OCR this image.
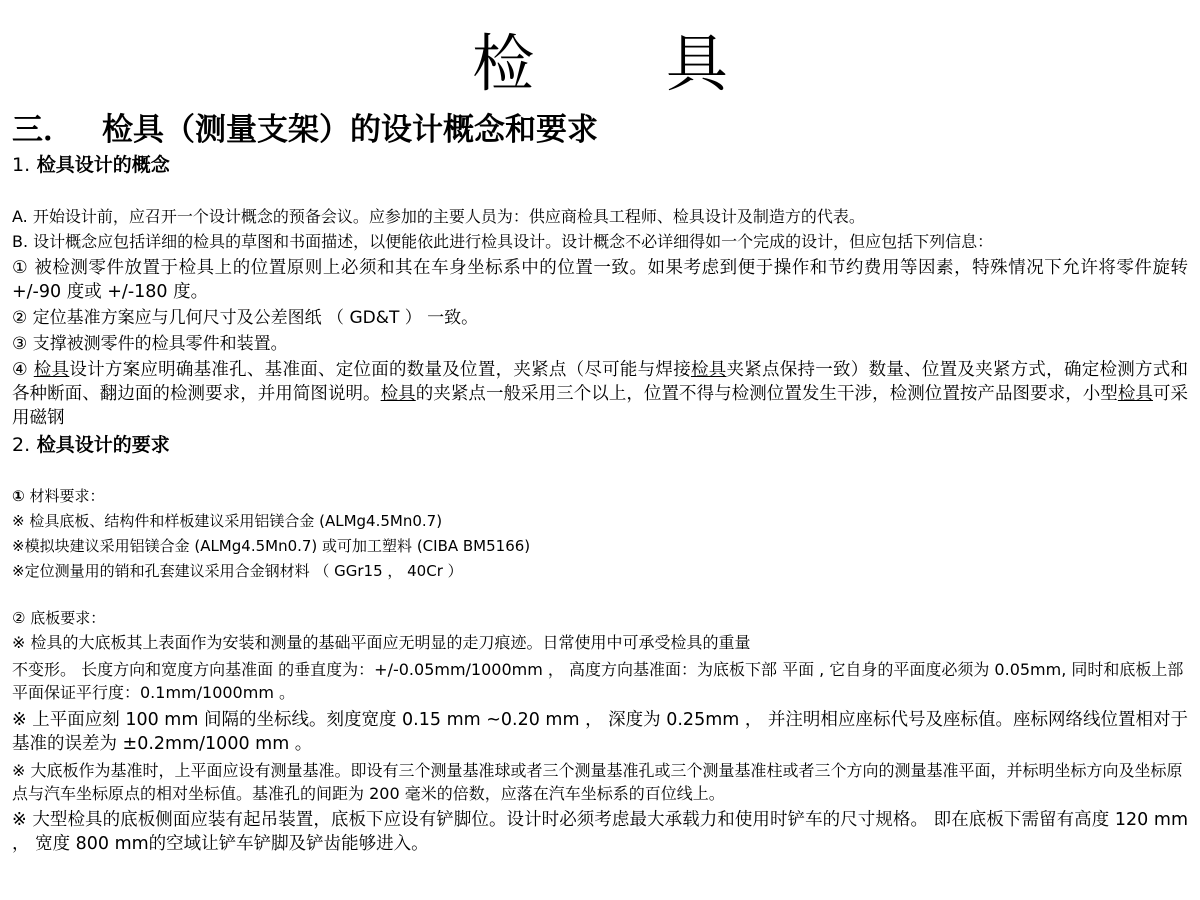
检 具
三． 检具（测量支架）的设计概念和要求
1. 检具设计的概念

A. 开始设计前，应召开一个设计概念的预备会议。应参加的主要人员为：供应商检具工程师、检具设计及制造方的代表。

B. 设计概念应包括详细的检具的草图和书面描述，以便能依此进行检具设计。设计概念不必详细得如一个完成的设计，但应包括下列信息：

① 被检测零件放置于检具上的位置原则上必须和其在车身坐标系中的位置一致。如果考虑到便于操作和节约费用等因素，特殊情况下允许将零件旋转 +/-90 度或 +/-180 度。

② 定位基准方案应与几何尺寸及公差图纸 （ GD&T ） 一致。

③ 支撑被测零件的检具零件和装置。

④ 检具设计方案应明确基准孔、基准面、定位面的数量及位置，夹紧点（尽可能与焊接检具夹紧点保持一致）数量、位置及夹紧方式，确定检测方式和各种断面、翻边面的检测要求，并用简图说明。检具的夹紧点一般采用三个以上，位置不得与检测位置发生干涉，检测位置按产品图要求，小型检具可采用磁钢

2. 检具设计的要求

① 材料要求：

※ 检具底板、结构件和样板建议采用铝镁合金 (ALMg4.5Mn0.7)

※模拟块建议采用铝镁合金 (ALMg4.5Mn0.7) 或可加工塑料 (CIBA BM5166)

※定位测量用的销和孔套建议采用合金钢材料 （ GGr15 ， 40Cr ）

② 底板要求：

※ 检具的大底板其上表面作为安装和测量的基础平面应无明显的走刀痕迹。日常使用中可承受检具的重量

不变形。 长度方向和宽度方向基准面 的垂直度为：+/-0.05mm/1000mm ， 高度方向基准面：为底板下部 平面 , 它自身的平面度必须为 0.05mm, 同时和底板上部平面保证平行度：0.1mm/1000mm 。

※ 上平面应刻 100 mm 间隔的坐标线。刻度宽度 0.15 mm ~0.20 mm ， 深度为 0.25mm ， 并注明相应座标代号及座标值。座标网络线位置相对于基准的误差为 ±0.2mm/1000 mm 。

※ 大底板作为基准时，上平面应设有测量基准。即设有三个测量基准球或者三个测量基准孔或三个测量基准柱或者三个方向的测量基准平面，并标明坐标方向及坐标原点与汽车坐标原点的相对坐标值。基准孔的间距为 200 毫米的倍数，应落在汽车坐标系的百位线上。

※ 大型检具的底板侧面应装有起吊装置，底板下应设有铲脚位。设计时必须考虑最大承载力和使用时铲车的尺寸规格。 即在底板下需留有高度 120 mm ， 宽度 800 mm的空域让铲车铲脚及铲齿能够进入。
